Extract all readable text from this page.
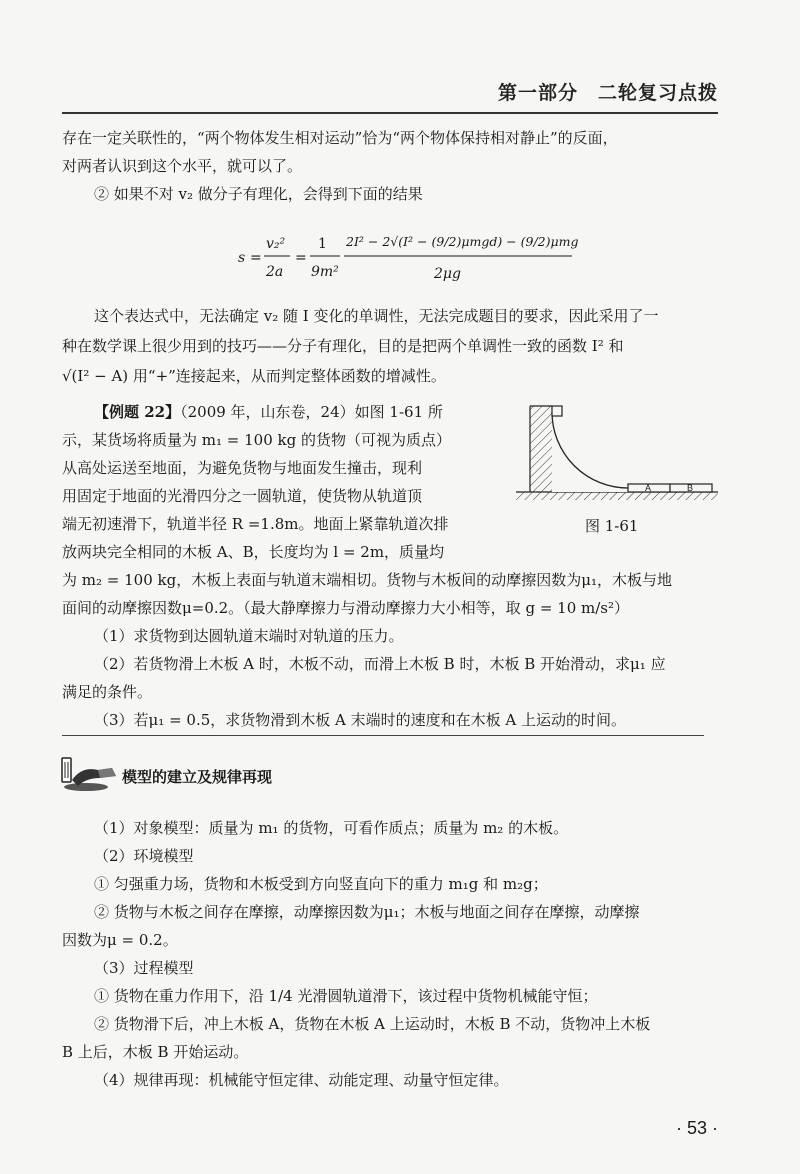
第一部分　二轮复习点拨
存在一定关联性的，“两个物体发生相对运动”恰为“两个物体保持相对静止”的反面，
对两者认识到这个水平，就可以了。
② 如果不对 v₂ 做分子有理化，会得到下面的结果
s =
v₂²
2a
=
1
9m²
2I² − 2√(I² − (9/2)μmgd) − (9/2)μmgd
2μg
这个表达式中，无法确定 v₂ 随 I 变化的单调性，无法完成题目的要求，因此采用了一
种在数学课上很少用到的技巧——分子有理化，目的是把两个单调性一致的函数 I² 和
√(I² − A) 用“+”连接起来，从而判定整体函数的增减性。
【例题 22】（2009 年，山东卷，24）如图 1-61 所
示，某货场将质量为 m₁ = 100 kg 的货物（可视为质点）
从高处运送至地面，为避免货物与地面发生撞击，现利
用固定于地面的光滑四分之一圆轨道，使货物从轨道顶
端无初速滑下，轨道半径 R =1.8m。地面上紧靠轨道次排
放两块完全相同的木板 A、B，长度均为 l = 2m，质量均
为 m₂ = 100 kg，木板上表面与轨道末端相切。货物与木板间的动摩擦因数为μ₁，木板与地
面间的动摩擦因数μ=0.2。（最大静摩擦力与滑动摩擦力大小相等，取 g = 10 m/s²）
（1）求货物到达圆轨道末端时对轨道的压力。
（2）若货物滑上木板 A 时，木板不动，而滑上木板 B 时，木板 B 开始滑动，求μ₁ 应
满足的条件。
（3）若μ₁ = 0.5，求货物滑到木板 A 末端时的速度和在木板 A 上运动的时间。
A	B
图 1-61
模型的建立及规律再现
（1）对象模型：质量为 m₁ 的货物，可看作质点；质量为 m₂ 的木板。
（2）环境模型
① 匀强重力场，货物和木板受到方向竖直向下的重力 m₁g 和 m₂g；
② 货物与木板之间存在摩擦，动摩擦因数为μ₁；木板与地面之间存在摩擦，动摩擦
因数为μ = 0.2。
（3）过程模型
① 货物在重力作用下，沿 1/4 光滑圆轨道滑下，该过程中货物机械能守恒；
② 货物滑下后，冲上木板 A，货物在木板 A 上运动时，木板 B 不动，货物冲上木板
B 上后，木板 B 开始运动。
（4）规律再现：机械能守恒定律、动能定理、动量守恒定律。
· 53 ·
